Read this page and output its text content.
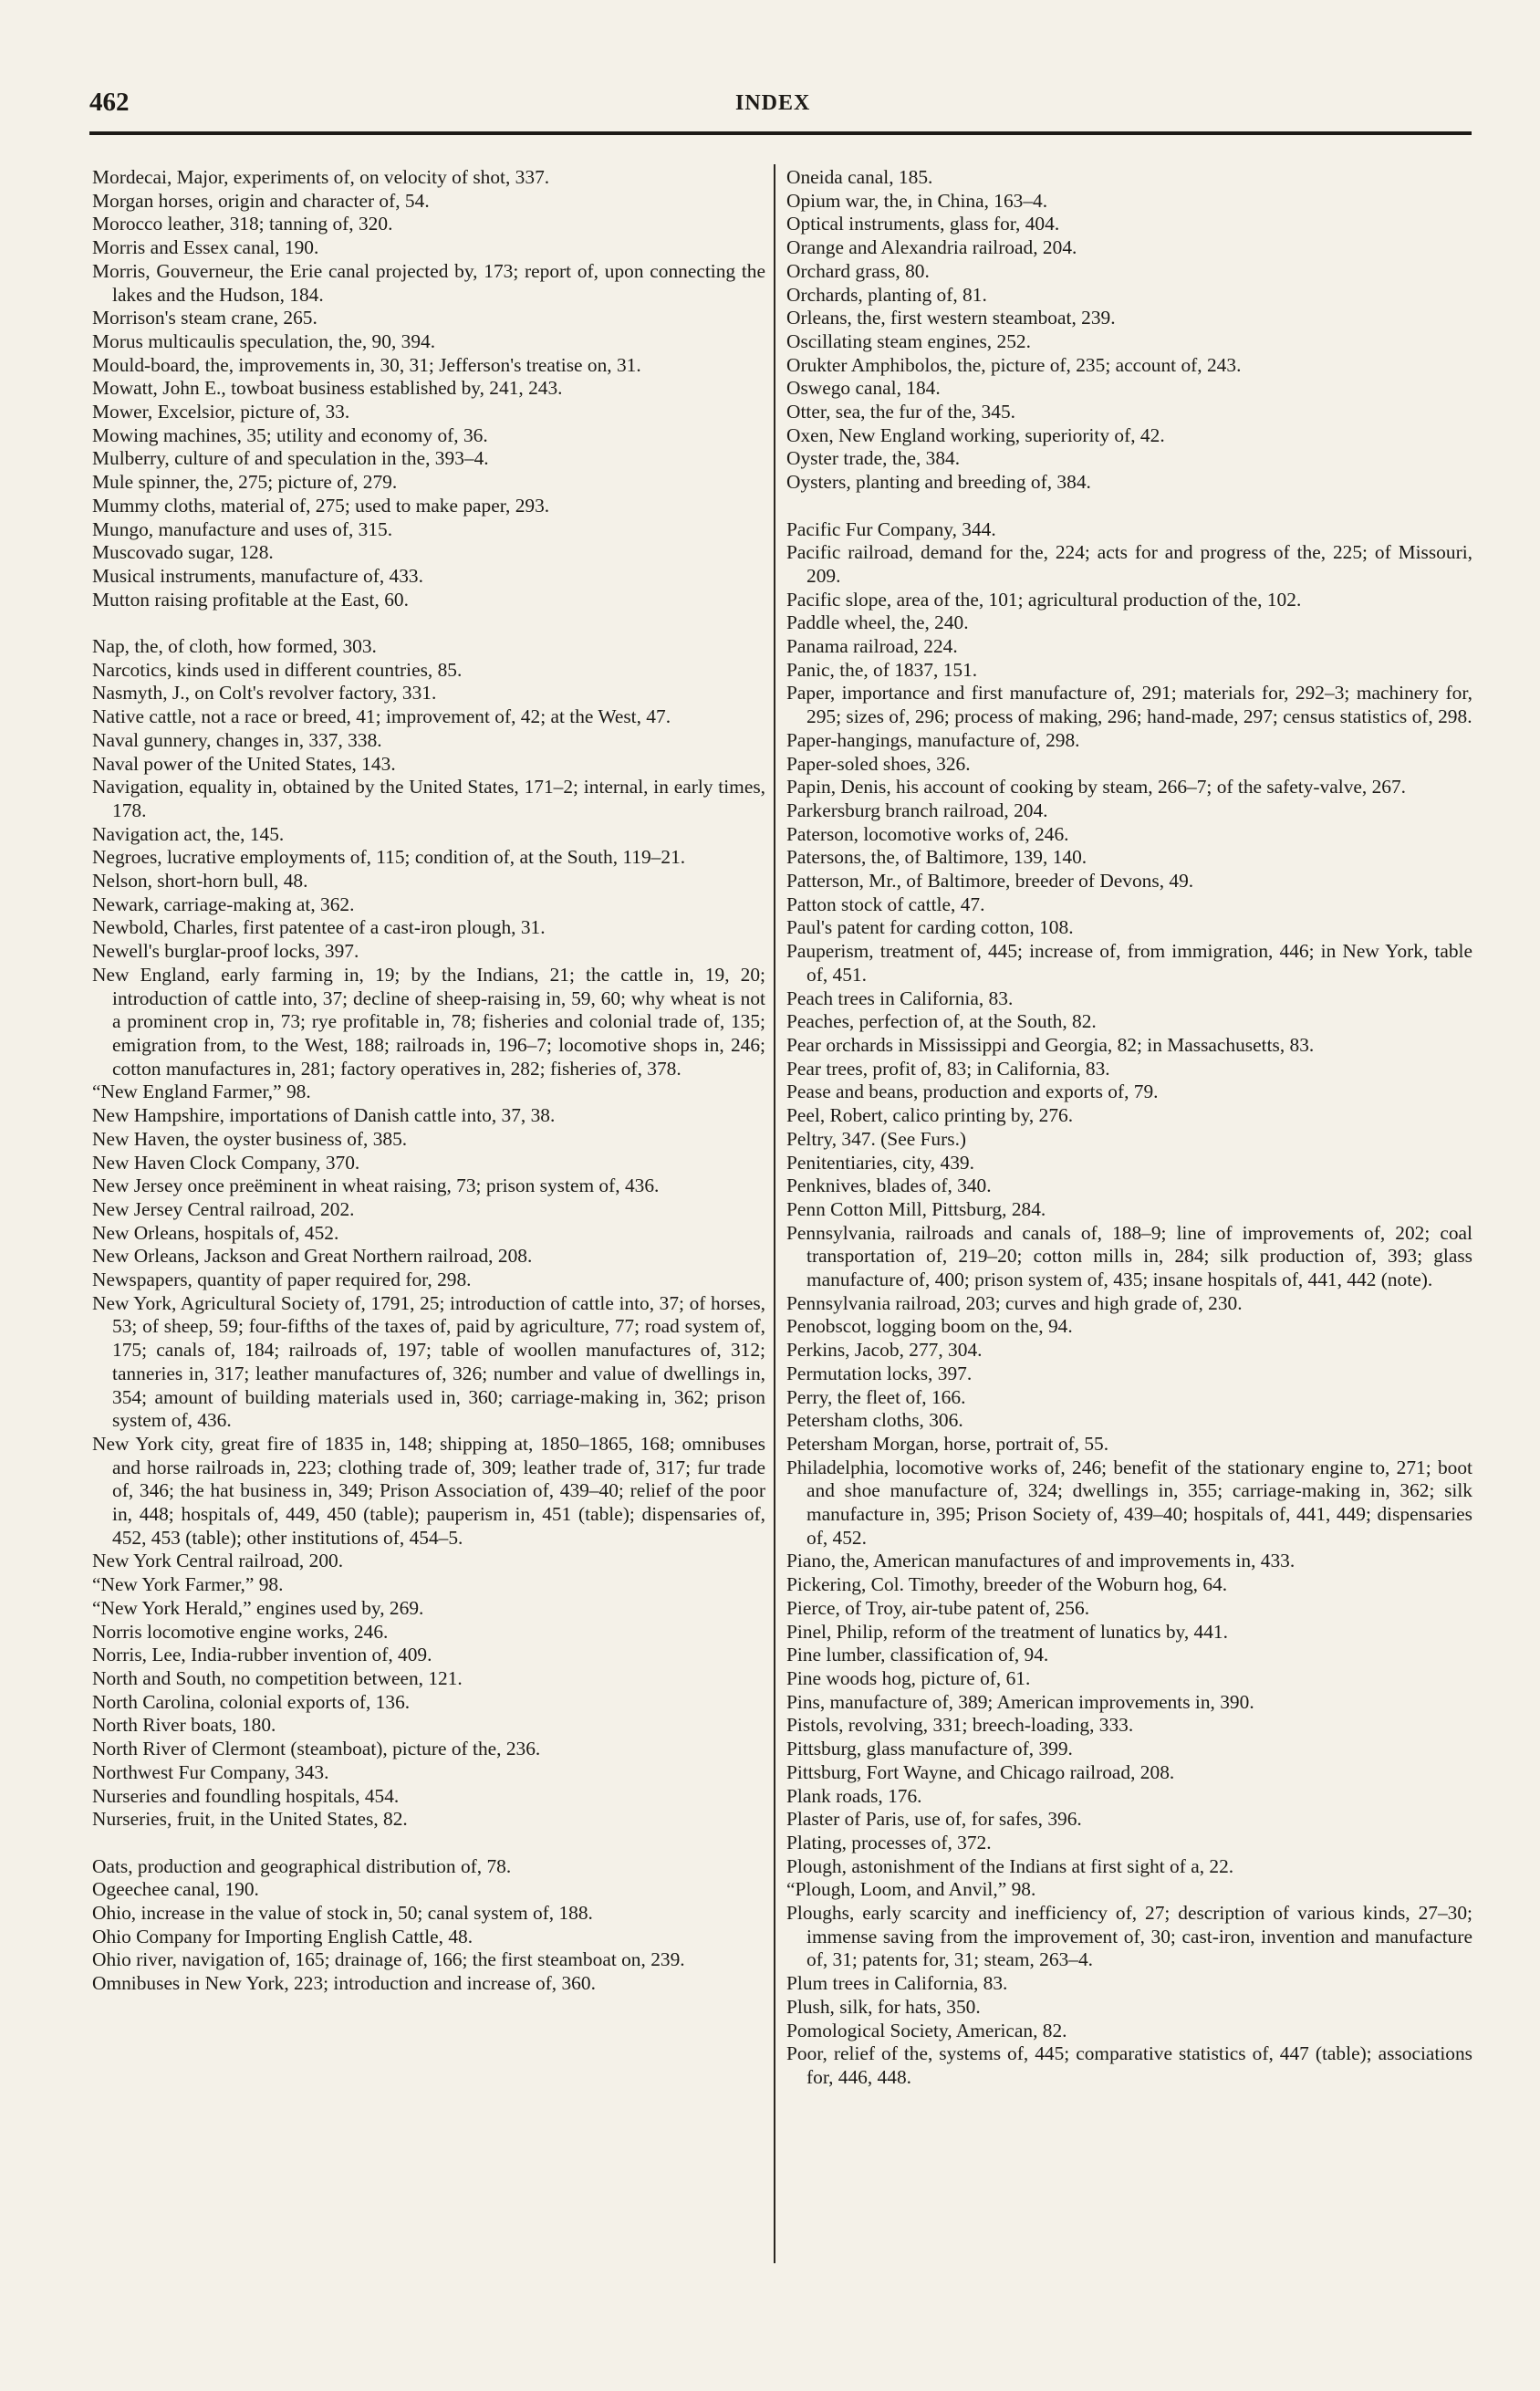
462	INDEX

Mordecai, Major, experiments of, on velocity of shot, 337.

Morgan horses, origin and character of, 54.

Morocco leather, 318; tanning of, 320.

Morris and Essex canal, 190.

Morris, Gouverneur, the Erie canal projected by, 173; report of, upon connecting the lakes and the Hudson, 184.

Morrison's steam crane, 265.

Morus multicaulis speculation, the, 90, 394.

Mould-board, the, improvements in, 30, 31; Jefferson's treatise on, 31.

Mowatt, John E., towboat business established by, 241, 243.

Mower, Excelsior, picture of, 33.

Mowing machines, 35; utility and economy of, 36.

Mulberry, culture of and speculation in the, 393–4.

Mule spinner, the, 275; picture of, 279.

Mummy cloths, material of, 275; used to make paper, 293.

Mungo, manufacture and uses of, 315.

Muscovado sugar, 128.

Musical instruments, manufacture of, 433.

Mutton raising profitable at the East, 60.

Nap, the, of cloth, how formed, 303.

Narcotics, kinds used in different countries, 85.

Nasmyth, J., on Colt's revolver factory, 331.

Native cattle, not a race or breed, 41; improvement of, 42; at the West, 47.

Naval gunnery, changes in, 337, 338.

Naval power of the United States, 143.

Navigation, equality in, obtained by the United States, 171–2; internal, in early times, 178.

Navigation act, the, 145.

Negroes, lucrative employments of, 115; condition of, at the South, 119–21.

Nelson, short-horn bull, 48.

Newark, carriage-making at, 362.

Newbold, Charles, first patentee of a cast-iron plough, 31.

Newell's burglar-proof locks, 397.

New England, early farming in, 19; by the Indians, 21; the cattle in, 19, 20; introduction of cattle into, 37; decline of sheep-raising in, 59, 60; why wheat is not a prominent crop in, 73; rye profitable in, 78; fisheries and colonial trade of, 135; emigration from, to the West, 188; railroads in, 196–7; locomotive shops in, 246; cotton manufactures in, 281; factory operatives in, 282; fisheries of, 378.

“New England Farmer,” 98.

New Hampshire, importations of Danish cattle into, 37, 38.

New Haven, the oyster business of, 385.

New Haven Clock Company, 370.

New Jersey once preëminent in wheat raising, 73; prison system of, 436.

New Jersey Central railroad, 202.

New Orleans, hospitals of, 452.

New Orleans, Jackson and Great Northern railroad, 208.

Newspapers, quantity of paper required for, 298.

New York, Agricultural Society of, 1791, 25; introduction of cattle into, 37; of horses, 53; of sheep, 59; four-fifths of the taxes of, paid by agriculture, 77; road system of, 175; canals of, 184; railroads of, 197; table of woollen manufactures of, 312; tanneries in, 317; leather manufactures of, 326; number and value of dwellings in, 354; amount of building materials used in, 360; carriage-making in, 362; prison system of, 436.

New York city, great fire of 1835 in, 148; shipping at, 1850–1865, 168; omnibuses and horse railroads in, 223; clothing trade of, 309; leather trade of, 317; fur trade of, 346; the hat business in, 349; Prison Association of, 439–40; relief of the poor in, 448; hospitals of, 449, 450 (table); pauperism in, 451 (table); dispensaries of, 452, 453 (table); other institutions of, 454–5.

New York Central railroad, 200.

“New York Farmer,” 98.

“New York Herald,” engines used by, 269.

Norris locomotive engine works, 246.

Norris, Lee, India-rubber invention of, 409.

North and South, no competition between, 121.

North Carolina, colonial exports of, 136.

North River boats, 180.

North River of Clermont (steamboat), picture of the, 236.

Northwest Fur Company, 343.

Nurseries and foundling hospitals, 454.

Nurseries, fruit, in the United States, 82.

Oats, production and geographical distribution of, 78.

Ogeechee canal, 190.

Ohio, increase in the value of stock in, 50; canal system of, 188.

Ohio Company for Importing English Cattle, 48.

Ohio river, navigation of, 165; drainage of, 166; the first steamboat on, 239.

Omnibuses in New York, 223; introduction and increase of, 360.

Oneida canal, 185.

Opium war, the, in China, 163–4.

Optical instruments, glass for, 404.

Orange and Alexandria railroad, 204.

Orchard grass, 80.

Orchards, planting of, 81.

Orleans, the, first western steamboat, 239.

Oscillating steam engines, 252.

Orukter Amphibolos, the, picture of, 235; account of, 243.

Oswego canal, 184.

Otter, sea, the fur of the, 345.

Oxen, New England working, superiority of, 42.

Oyster trade, the, 384.

Oysters, planting and breeding of, 384.

Pacific Fur Company, 344.

Pacific railroad, demand for the, 224; acts for and progress of the, 225; of Missouri, 209.

Pacific slope, area of the, 101; agricultural production of the, 102.

Paddle wheel, the, 240.

Panama railroad, 224.

Panic, the, of 1837, 151.

Paper, importance and first manufacture of, 291; materials for, 292–3; machinery for, 295; sizes of, 296; process of making, 296; hand-made, 297; census statistics of, 298.

Paper-hangings, manufacture of, 298.

Paper-soled shoes, 326.

Papin, Denis, his account of cooking by steam, 266–7; of the safety-valve, 267.

Parkersburg branch railroad, 204.

Paterson, locomotive works of, 246.

Patersons, the, of Baltimore, 139, 140.

Patterson, Mr., of Baltimore, breeder of Devons, 49.

Patton stock of cattle, 47.

Paul's patent for carding cotton, 108.

Pauperism, treatment of, 445; increase of, from immigration, 446; in New York, table of, 451.

Peach trees in California, 83.

Peaches, perfection of, at the South, 82.

Pear orchards in Mississippi and Georgia, 82; in Massachusetts, 83.

Pear trees, profit of, 83; in California, 83.

Pease and beans, production and exports of, 79.

Peel, Robert, calico printing by, 276.

Peltry, 347. (See Furs.)

Penitentiaries, city, 439.

Penknives, blades of, 340.

Penn Cotton Mill, Pittsburg, 284.

Pennsylvania, railroads and canals of, 188–9; line of improvements of, 202; coal transportation of, 219–20; cotton mills in, 284; silk production of, 393; glass manufacture of, 400; prison system of, 435; insane hospitals of, 441, 442 (note).

Pennsylvania railroad, 203; curves and high grade of, 230.

Penobscot, logging boom on the, 94.

Perkins, Jacob, 277, 304.

Permutation locks, 397.

Perry, the fleet of, 166.

Petersham cloths, 306.

Petersham Morgan, horse, portrait of, 55.

Philadelphia, locomotive works of, 246; benefit of the stationary engine to, 271; boot and shoe manufacture of, 324; dwellings in, 355; carriage-making in, 362; silk manufacture in, 395; Prison Society of, 439–40; hospitals of, 441, 449; dispensaries of, 452.

Piano, the, American manufactures of and improvements in, 433.

Pickering, Col. Timothy, breeder of the Woburn hog, 64.

Pierce, of Troy, air-tube patent of, 256.

Pinel, Philip, reform of the treatment of lunatics by, 441.

Pine lumber, classification of, 94.

Pine woods hog, picture of, 61.

Pins, manufacture of, 389; American improvements in, 390.

Pistols, revolving, 331; breech-loading, 333.

Pittsburg, glass manufacture of, 399.

Pittsburg, Fort Wayne, and Chicago railroad, 208.

Plank roads, 176.

Plaster of Paris, use of, for safes, 396.

Plating, processes of, 372.

Plough, astonishment of the Indians at first sight of a, 22.

“Plough, Loom, and Anvil,” 98.

Ploughs, early scarcity and inefficiency of, 27; description of various kinds, 27–30; immense saving from the improvement of, 30; cast-iron, invention and manufacture of, 31; patents for, 31; steam, 263–4.

Plum trees in California, 83.

Plush, silk, for hats, 350.

Pomological Society, American, 82.

Poor, relief of the, systems of, 445; comparative statistics of, 447 (table); associations for, 446, 448.
